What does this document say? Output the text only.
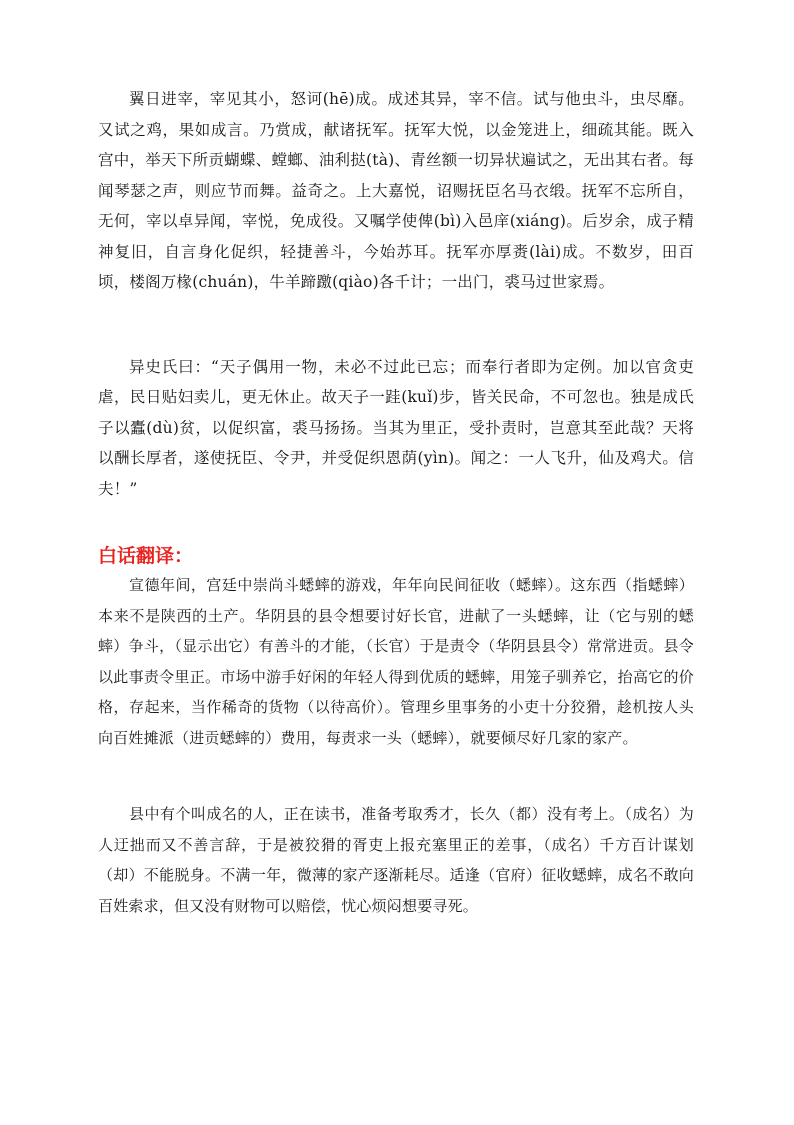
翼日进宰，宰见其小，怒诃(hē)成。成述其异，宰不信。试与他虫斗，虫尽靡。又试之鸡，果如成言。乃赏成，献诸抚军。抚军大悦，以金笼进上，细疏其能。既入宫中，举天下所贡蝴蝶、螳螂、油利挞(tà)、青丝额一切异状遍试之，无出其右者。每闻琴瑟之声，则应节而舞。益奇之。上大嘉悦，诏赐抚臣名马衣缎。抚军不忘所自，无何，宰以卓异闻，宰悦，免成役。又嘱学使俾(bì)入邑庠(xiáng)。后岁余，成子精神复旧，自言身化促织，轻捷善斗，今始苏耳。抚军亦厚赉(lài)成。不数岁，田百顷，楼阁万椽(chuán)，牛羊蹄躈(qiào)各千计；一出门，裘马过世家焉。

异史氏曰：“天子偶用一物，未必不过此已忘；而奉行者即为定例。加以官贪吏虐，民日贴妇卖儿，更无休止。故天子一跬(kuǐ)步，皆关民命，不可忽也。独是成氏子以蠹(dù)贫，以促织富，裘马扬扬。当其为里正，受扑责时，岂意其至此哉？天将以酬长厚者，遂使抚臣、令尹，并受促织恩荫(yìn)。闻之：一人飞升，仙及鸡犬。信夫！”

白话翻译：

宣德年间，宫廷中崇尚斗蟋蟀的游戏，年年向民间征收（蟋蟀）。这东西（指蟋蟀）本来不是陕西的土产。华阴县的县令想要讨好长官，进献了一头蟋蟀，让（它与别的蟋蟀）争斗，（显示出它）有善斗的才能，（长官）于是责令（华阴县县令）常常进贡。县令以此事责令里正。市场中游手好闲的年轻人得到优质的蟋蟀，用笼子驯养它，抬高它的价格，存起来，当作稀奇的货物（以待高价）。管理乡里事务的小吏十分狡猾，趁机按人头向百姓摊派（进贡蟋蟀的）费用，每责求一头（蟋蟀），就要倾尽好几家的家产。

县中有个叫成名的人，正在读书，准备考取秀才，长久（都）没有考上。（成名）为人迂拙而又不善言辞，于是被狡猾的胥吏上报充塞里正的差事，（成名）千方百计谋划（却）不能脱身。不满一年，微薄的家产逐渐耗尽。适逢（官府）征收蟋蟀，成名不敢向百姓索求，但又没有财物可以赔偿，忧心烦闷想要寻死。
